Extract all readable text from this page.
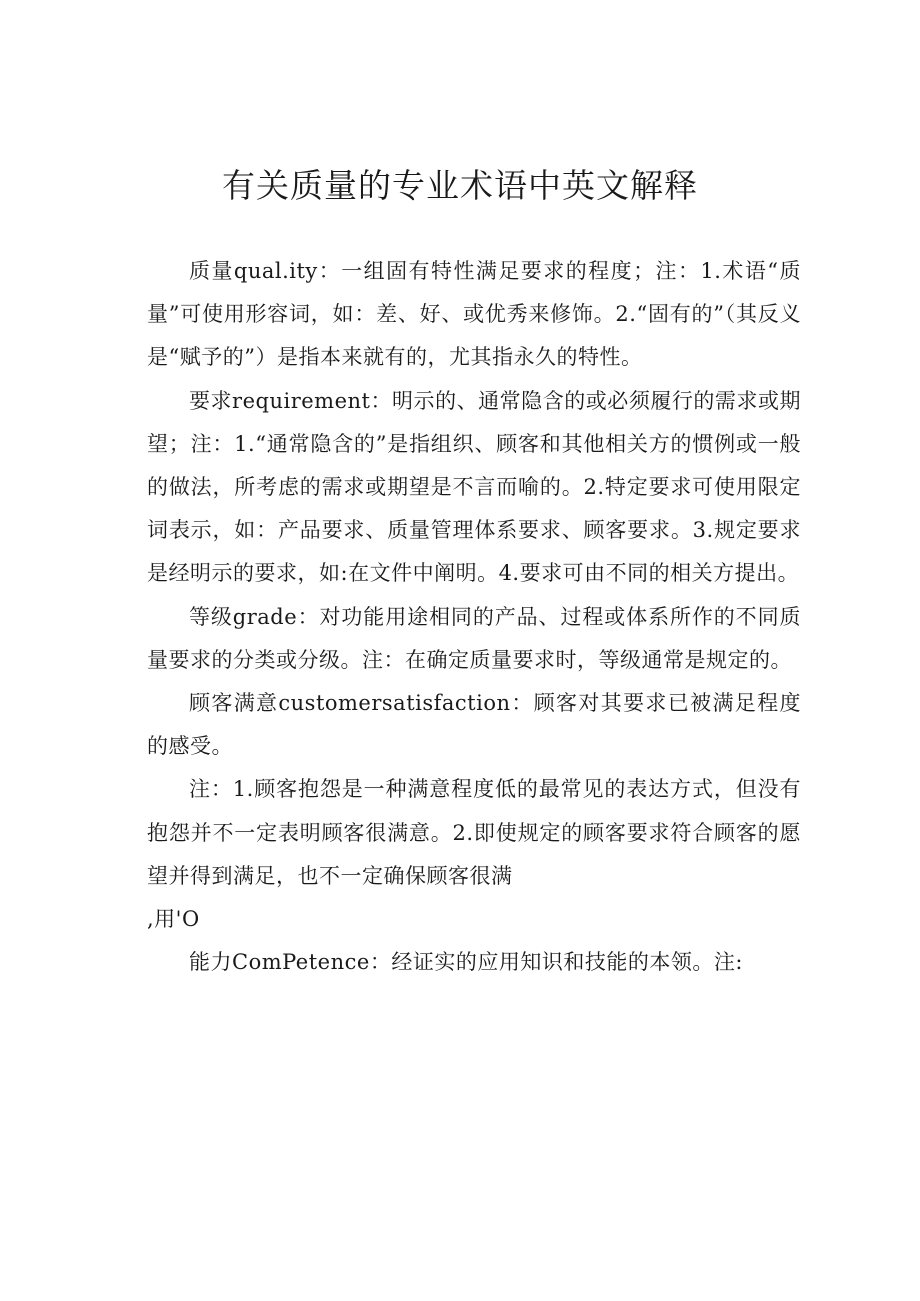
有关质量的专业术语中英文解释

质量qual.ity：一组固有特性满足要求的程度；注：1.术语“质量”可使用形容词，如：差、好、或优秀来修饰。2.“固有的”（其反义是“赋予的”）是指本来就有的，尤其指永久的特性。

要求requirement：明示的、通常隐含的或必须履行的需求或期望；注：1.“通常隐含的”是指组织、顾客和其他相关方的惯例或一般的做法，所考虑的需求或期望是不言而喻的。2.特定要求可使用限定词表示，如：产品要求、质量管理体系要求、顾客要求。3.规定要求是经明示的要求，如:在文件中阐明。4.要求可由不同的相关方提出。

等级grade：对功能用途相同的产品、过程或体系所作的不同质量要求的分类或分级。注：在确定质量要求时，等级通常是规定的。

顾客满意customersatisfaction：顾客对其要求已被满足程度的感受。

注：1.顾客抱怨是一种满意程度低的最常见的表达方式，但没有抱怨并不一定表明顾客很满意。2.即使规定的顾客要求符合顾客的愿望并得到满足，也不一定确保顾客很满

,用'O

能力ComPetence：经证实的应用知识和技能的本领。注:
